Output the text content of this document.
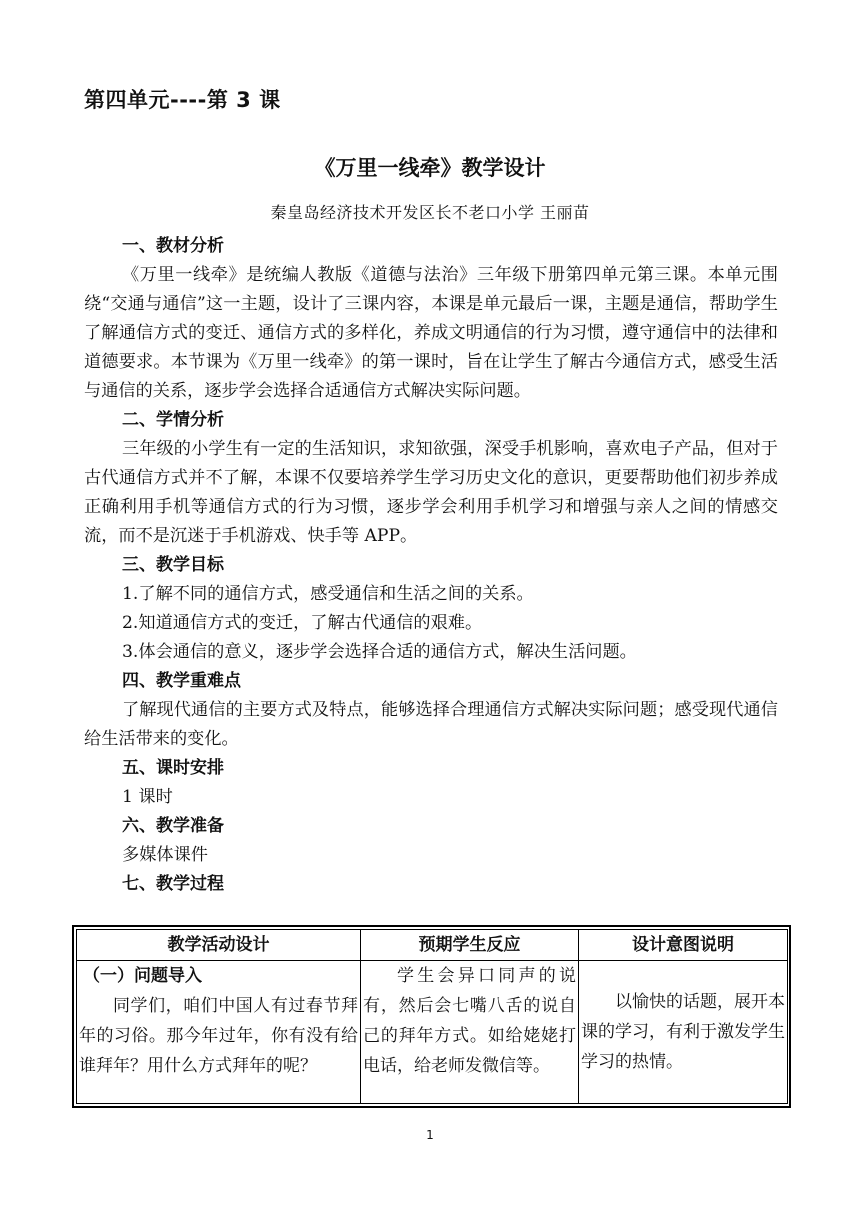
第四单元----第 3 课
《万里一线牵》教学设计
秦皇岛经济技术开发区长不老口小学 王丽苗
一、教材分析

《万里一线牵》是统编人教版《道德与法治》三年级下册第四单元第三课。本单元围绕“交通与通信”这一主题，设计了三课内容，本课是单元最后一课，主题是通信，帮助学生了解通信方式的变迁、通信方式的多样化，养成文明通信的行为习惯，遵守通信中的法律和道德要求。本节课为《万里一线牵》的第一课时，旨在让学生了解古今通信方式，感受生活与通信的关系，逐步学会选择合适通信方式解决实际问题。

二、学情分析

三年级的小学生有一定的生活知识，求知欲强，深受手机影响，喜欢电子产品，但对于古代通信方式并不了解，本课不仅要培养学生学习历史文化的意识，更要帮助他们初步养成正确利用手机等通信方式的行为习惯，逐步学会利用手机学习和增强与亲人之间的情感交流，而不是沉迷于手机游戏、快手等 APP。

三、教学目标
1.了解不同的通信方式，感受通信和生活之间的关系。
2.知道通信方式的变迁，了解古代通信的艰难。
3.体会通信的意义，逐步学会选择合适的通信方式，解决生活问题。
四、教学重难点

了解现代通信的主要方式及特点，能够选择合理通信方式解决实际问题；感受现代通信给生活带来的变化。

五、课时安排
1 课时
六、教学准备
多媒体课件
七、教学过程
教学活动设计	预期学生反应	设计意图说明

（一）问题导入
同学们，咱们中国人有过春节拜年的习俗。那今年过年，你有没有给谁拜年？用什么方式拜年的呢？	学生会异口同声的说有，然后会七嘴八舌的说自己的拜年方式。如给姥姥打电话，给老师发微信等。	以愉快的话题，展开本课的学习，有利于激发学生学习的热情。
1
